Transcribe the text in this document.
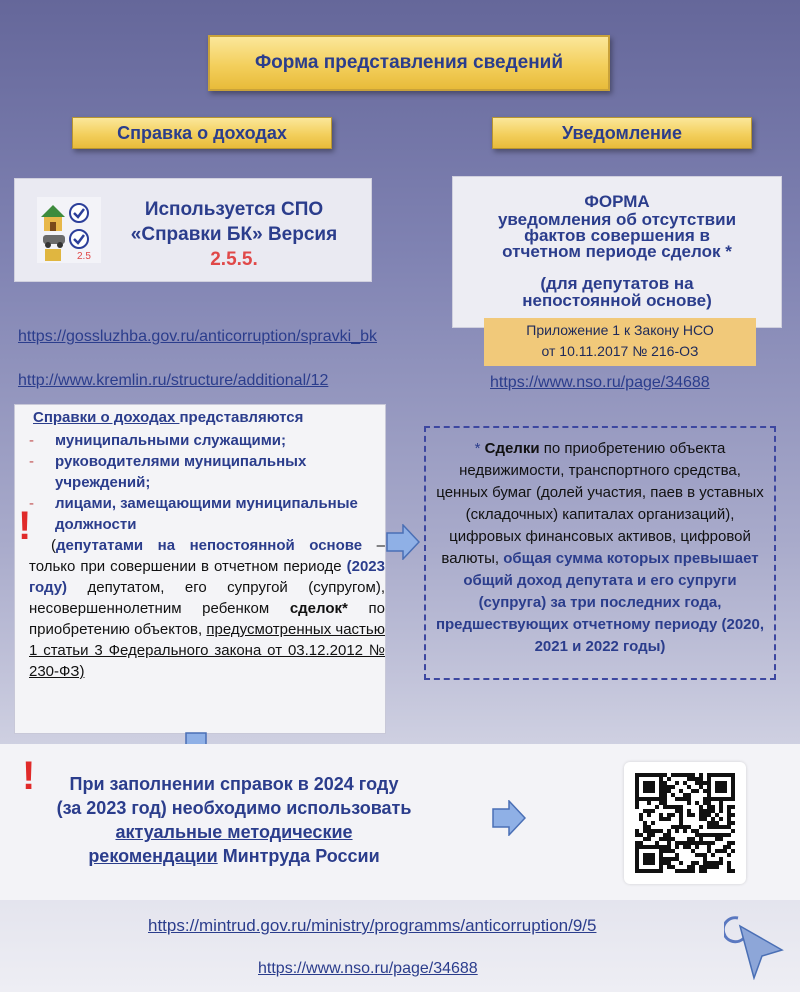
Форма представления сведений
Справка о доходах	Уведомление
2.5
Используется СПО
«Справки БК» Версия
2.5.5.
ФОРМА
уведомления об отсутствии
фактов совершения в
отчетном периоде сделок *
(для депутатов на
непостоянной основе)
Приложение 1 к Закону НСО
от 10.11.2017 № 216-ОЗ
https://gossluzhba.gov.ru/anticorruption/spravki_bk
http://www.kremlin.ru/structure/additional/12	https://www.nso.ru/page/34688
Справки о доходах представляются
- муниципальными служащими;
- руководителями муниципальных учреждений;
- лицами, замещающими муниципальные должности
(депутатами на непостоянной основе – только при совершении в отчетном периоде (2023 году) депутатом, его супругой (супругом), несовершеннолетним ребенком сделок* по приобретению объектов, предусмотренных частью 1 статьи 3 Федерального закона от 03.12.2012 № 230-ФЗ)
!
* Сделки по приобретению объекта недвижимости, транспортного средства, ценных бумаг (долей участия, паев в уставных (складочных) капиталах организаций), цифровых финансовых активов, цифровой валюты, общая сумма которых превышает общий доход депутата и его супруги (супруга) за три последних года, предшествующих отчетному периоду (2020, 2021 и 2022 годы)
!	При заполнении справок в 2024 году (за 2023 год) необходимо использовать актуальные методические рекомендации Минтруда России
https://mintrud.gov.ru/ministry/programms/anticorruption/9/5
https://www.nso.ru/page/34688
